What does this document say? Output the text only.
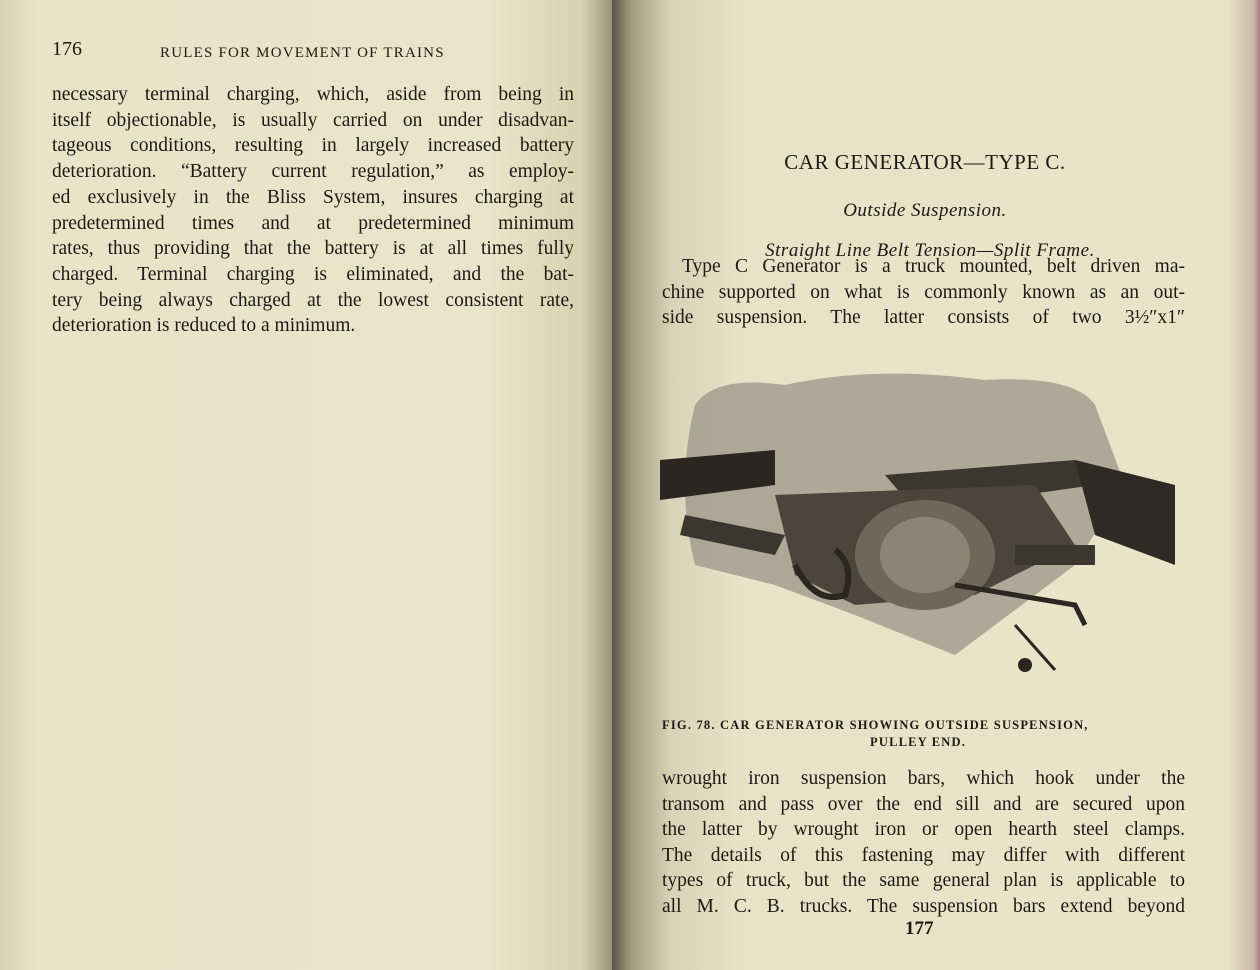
176	RULES FOR MOVEMENT OF TRAINS
necessary terminal charging, which, aside from being in
itself objectionable, is usually carried on under disadvan-
tageous conditions, resulting in largely increased battery
deterioration. “Battery current regulation,” as employ-
ed exclusively in the Bliss System, insures charging at
predetermined times and at predetermined minimum
rates, thus providing that the battery is at all times fully
charged. Terminal charging is eliminated, and the bat-
tery being always charged at the lowest consistent rate,
deterioration is reduced to a minimum.
CAR GENERATOR—TYPE C.
Outside Suspension.
Straight Line Belt Tension—Split Frame.
Type C Generator is a truck mounted, belt driven ma-
chine supported on what is commonly known as an out-
side suspension. The latter consists of two 3½″x1″
FIG. 78. CAR GENERATOR SHOWING OUTSIDE SUSPENSION,
PULLEY END.
wrought iron suspension bars, which hook under the
transom and pass over the end sill and are secured upon
the latter by wrought iron or open hearth steel clamps.
The details of this fastening may differ with different
types of truck, but the same general plan is applicable to
all M. C. B. trucks. The suspension bars extend beyond
177
